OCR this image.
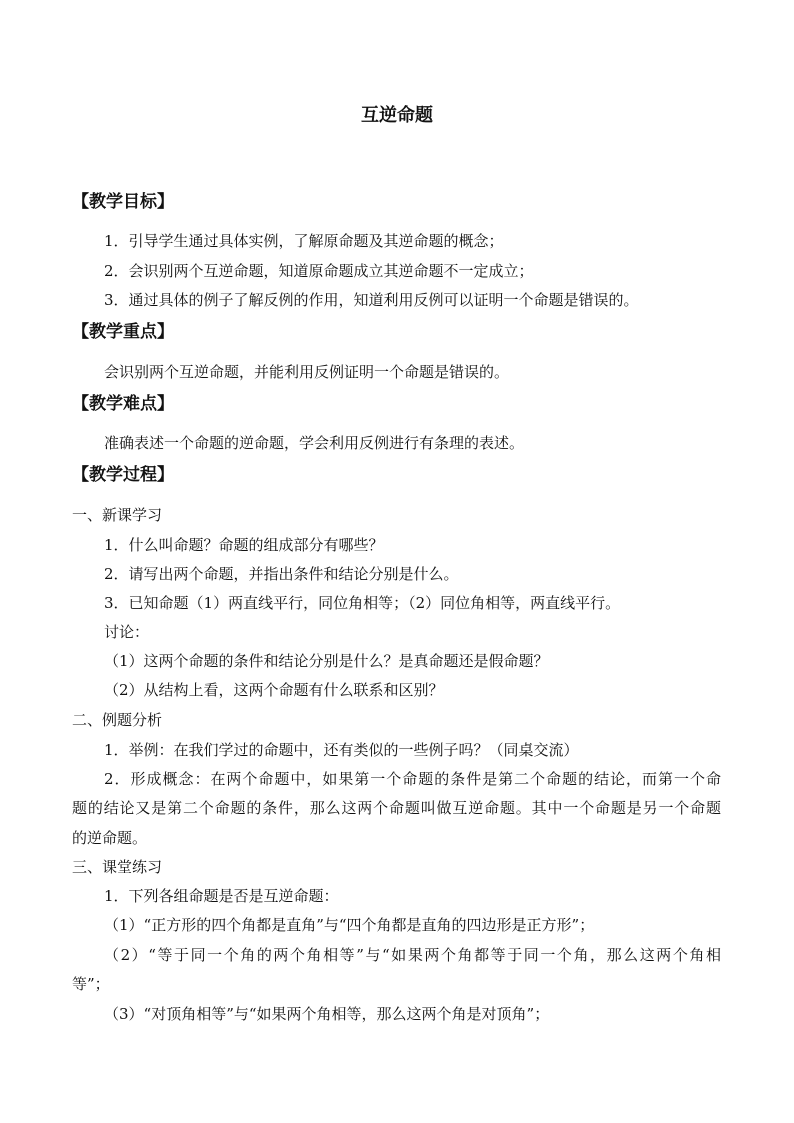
互逆命题
【教学目标】
1．引导学生通过具体实例，了解原命题及其逆命题的概念；
2．会识别两个互逆命题，知道原命题成立其逆命题不一定成立；
3．通过具体的例子了解反例的作用，知道利用反例可以证明一个命题是错误的。
【教学重点】
会识别两个互逆命题，并能利用反例证明一个命题是错误的。
【教学难点】
准确表述一个命题的逆命题，学会利用反例进行有条理的表述。
【教学过程】
一、新课学习
1．什么叫命题？命题的组成部分有哪些？
2．请写出两个命题，并指出条件和结论分别是什么。
3．已知命题（1）两直线平行，同位角相等；（2）同位角相等，两直线平行。
讨论：
（1）这两个命题的条件和结论分别是什么？是真命题还是假命题？
（2）从结构上看，这两个命题有什么联系和区别？
二、例题分析
1．举例：在我们学过的命题中，还有类似的一些例子吗？（同桌交流）
2．形成概念：在两个命题中，如果第一个命题的条件是第二个命题的结论，而第一个命
题的结论又是第二个命题的条件，那么这两个命题叫做互逆命题。其中一个命题是另一个命题
的逆命题。
三、课堂练习
1．下列各组命题是否是互逆命题：
（1）“正方形的四个角都是直角”与“四个角都是直角的四边形是正方形”；
（2）“等于同一个角的两个角相等”与“如果两个角都等于同一个角，那么这两个角相
等”；
（3）“对顶角相等”与“如果两个角相等，那么这两个角是对顶角”；
